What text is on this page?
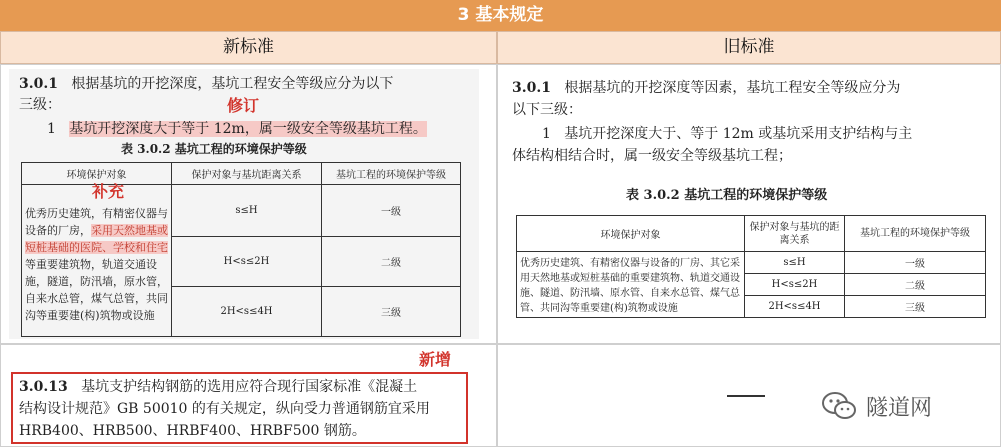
3 基本规定
新标准	旧标准
3.0.1 根据基坑的开挖深度，基坑工程安全等级应分为以下
三级：	修订
1 基坑开挖深度大于等于 12m，属一级安全等级基坑工程。
表 3.0.2 基坑工程的环境保护等级
环境保护对象	保护对象与基坑距离关系	基坑工程的环境保护等级

补充
优秀历史建筑，有精密仪器与设备的厂房，采用天然地基或短桩基础的医院、学校和住宅等重要建筑物，轨道交通设施，隧道，防汛墙，原水管，自来水总管，煤气总管，共同沟等重要建(构)筑物或设施	s≤H	一级
	H<s≤2H	二级
	2H<s≤4H	三级
3.0.1 根据基坑的开挖深度等因素，基坑工程安全等级应分为
以下三级：
1 基坑开挖深度大于、等于 12m 或基坑采用支护结构与主
体结构相结合时，属一级安全等级基坑工程；
表 3.0.2 基坑工程的环境保护等级
环境保护对象	保护对象与基坑的距离关系	基坑工程的环境保护等级
优秀历史建筑、有精密仪器与设备的厂房、其它采用天然地基或短桩基础的重要建筑物、轨道交通设施、隧道、防汛墙、原水管、自来水总管、煤气总管、共同沟等重要建(构)筑物或设施	s≤H	一级
	H<s≤2H	二级
	2H<s≤4H	三级
新增
3.0.13 基坑支护结构钢筋的选用应符合现行国家标准《混凝土
结构设计规范》GB 50010 的有关规定，纵向受力普通钢筋宜采用
HRB400、HRB500、HRBF400、HRBF500 钢筋。
隧道网
